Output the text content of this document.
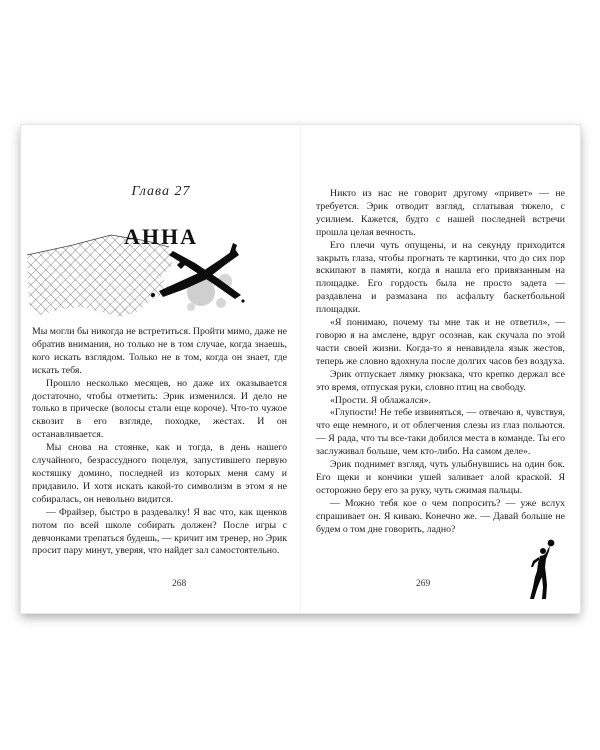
Глава 27
АННА

Мы могли бы никогда не встретиться. Пройти мимо, даже не обратив внимания, но только не в том случае, когда знаешь, кого искать взглядом. Только не в том, когда он знает, где искать тебя.

Прошло несколько месяцев, но даже их оказывается достаточно, чтобы отметить: Эрик изменился. И дело не только в прическе (волосы стали еще короче). Что-то чужое сквозит в его взгляде, походке, жестах. И он останавливается.

Мы снова на стоянке, как и тогда, в день нашего случайного, безрассудного поцелуя, запустившего первую костяшку домино, последней из которых меня саму и придавило. И хотя искать какой-то символизм в этом я не собиралась, он невольно видится.

— Фрайзер, быстро в раздевалку! Я вас что, как щенков потом по всей школе собирать должен? После игры с девчонками трепаться будешь, — кричит им тренер, но Эрик просит пару минут, уверяя, что найдет зал самостоятельно.

268

Никто из нас не говорит другому «привет» — не требуется. Эрик отводит взгляд, сглатывая тяжело, с усилием. Кажется, будто с нашей последней встречи прошла целая вечность.

Его плечи чуть опущены, и на секунду приходится закрыть глаза, чтобы прогнать те картинки, что до сих пор вскипают в памяти, когда я нашла его привязанным на площадке. Его гордость была не просто задета — раздавлена и размазана по асфальту баскетбольной площадки.

«Я понимаю, почему ты мне так и не ответил», — говорю я на амслене, вдруг осознав, как скучала по этой части своей жизни. Когда-то я ненавидела язык жестов, теперь же словно вдохнула после долгих часов без воздуха.

Эрик отпускает лямку рюкзака, что крепко держал все это время, отпуская руки, словно птиц на свободу.

«Прости. Я облажался».

«Глупости! Не тебе извиняться, — отвечаю я, чувствуя, что еще немного, и от облегчения слезы из глаз польются. — Я рада, что ты все-таки добился места в команде. Ты его заслуживал больше, чем кто-либо. На самом деле».

Эрик поднимет взгляд, чуть улыбнувшись на один бок. Его щеки и кончики ушей заливает алой краской. Я осторожно беру его за руку, чуть сжимая пальцы.

— Можно тебя кое о чем попросить? — уже вслух спрашивает он. Я киваю. Конечно же. — Давай больше не будем о том дне говорить, ладно?

269
